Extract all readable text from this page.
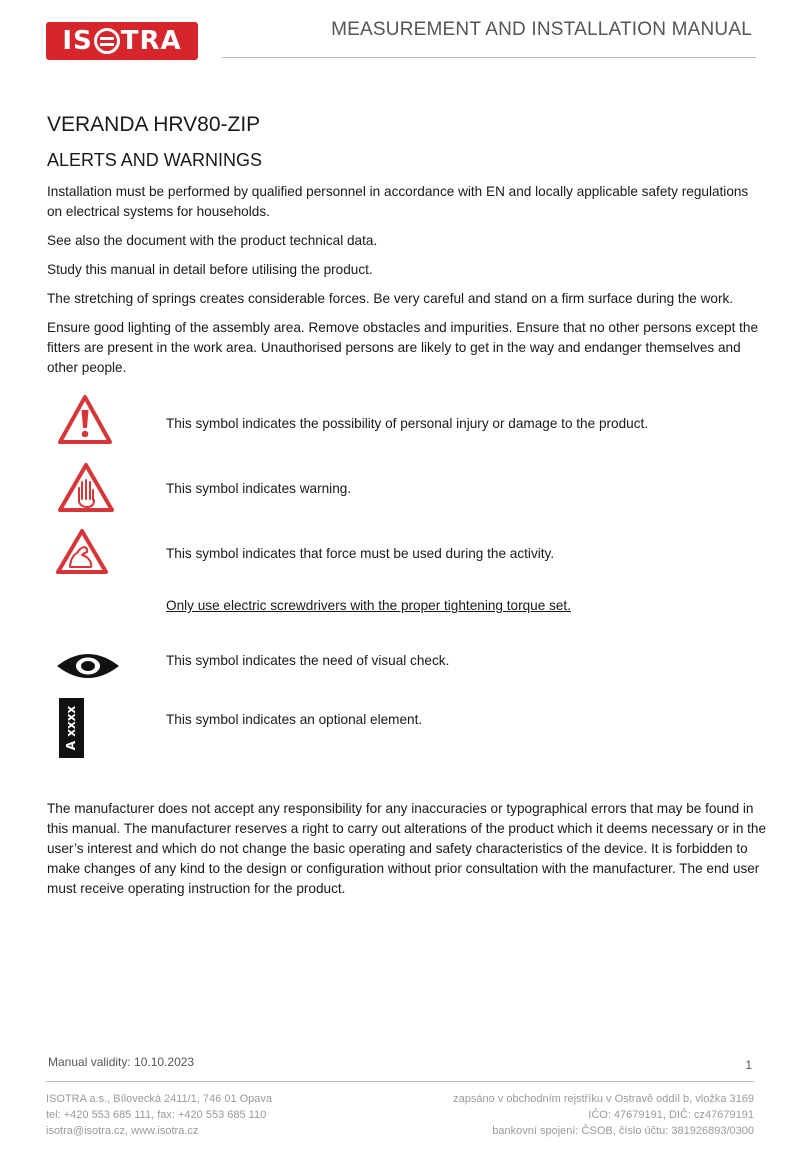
IS TRA	MEASUREMENT AND INSTALLATION MANUAL
VERANDA HRV80-ZIP
ALERTS AND WARNINGS

Installation must be performed by qualified personnel in accordance with EN and locally applicable safety regulations on electrical systems for households.

See also the document with the product technical data.

Study this manual in detail before utilising the product.

The stretching of springs creates considerable forces. Be very careful and stand on a firm surface during the work.

Ensure good lighting of the assembly area. Remove obstacles and impurities. Ensure that no other persons except the fitters are present in the work area. Unauthorised persons are likely to get in the way and endanger themselves and other people.

This symbol indicates the possibility of personal injury or damage to the product.
This symbol indicates warning.
This symbol indicates that force must be used during the activity.
Only use electric screwdrivers with the proper tightening torque set.
This symbol indicates the need of visual check.
A xxxx	This symbol indicates an optional element.

The manufacturer does not accept any responsibility for any inaccuracies or typographical errors that may be found in this manual. The manufacturer reserves a right to carry out alterations of the product which it deems necessary or in the user’s interest and which do not change the basic operating and safety characteristics of the device. It is forbidden to make changes of any kind to the design or configuration without prior consultation with the manufacturer. The end user must receive operating instruction for the product.

Manual validity: 10.10.2023	1
ISOTRA a.s., Bílovecká 2411/1, 746 01 Opava
tel: +420 553 685 111, fax: +420 553 685 110
isotra@isotra.cz, www.isotra.cz
zapsáno v obchodním rejstříku v Ostravě oddíl b, vložka 3169
IČO: 47679191, DIČ: cz47679191
bankovní spojení: ČSOB, číslo účtu: 381926893/0300
